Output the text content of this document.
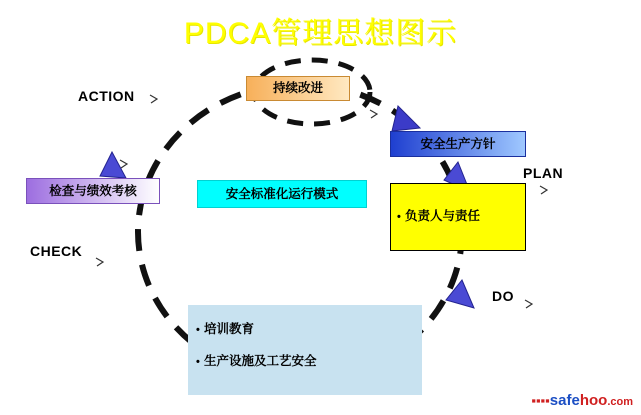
PDCA管理思想图示
ACTION
PLAN
CHECK
DO
持续改进
安全生产方针
检查与绩效考核	安全标准化运行模式
• 负责人与责任
• 培训教育
• 生产设施及工艺安全
▪▪▪▪safehoo.com
